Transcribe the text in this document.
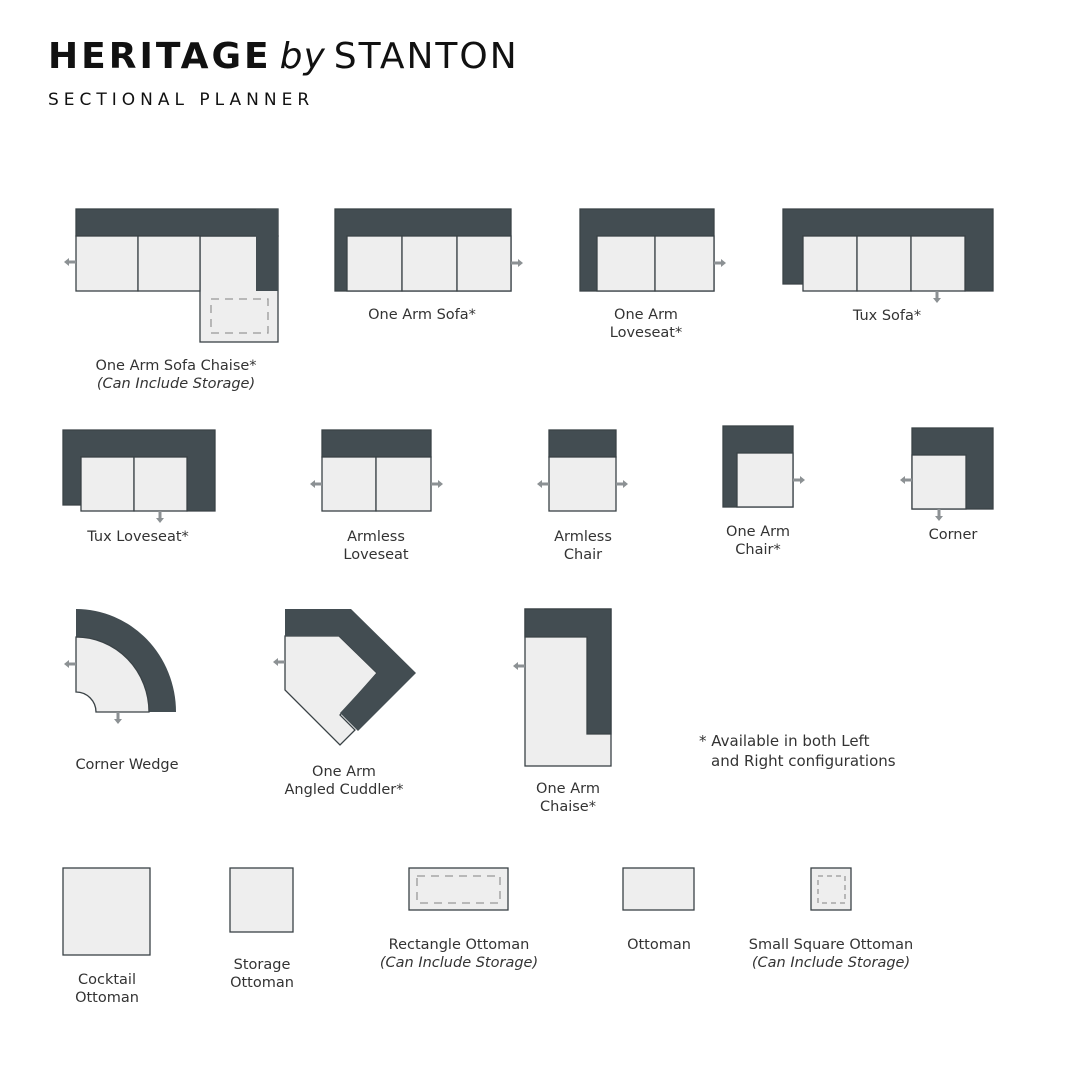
HERITAGE by STANTON
SECTIONAL PLANNER
One Arm Sofa Chaise*
(Can Include Storage)
One Arm Sofa*	One Arm
Loveseat*
Tux Sofa*
Tux Loveseat*	Armless
Loveseat
Armless
Chair
One Arm
Chair*
Corner
Corner Wedge	One Arm
Angled Cuddler*	One Arm
Chaise*
Cocktail
Ottoman
Storage
Ottoman
Rectangle Ottoman
(Can Include Storage)
Ottoman	Small Square Ottoman
(Can Include Storage)
* Available in both Left
and Right configurations
